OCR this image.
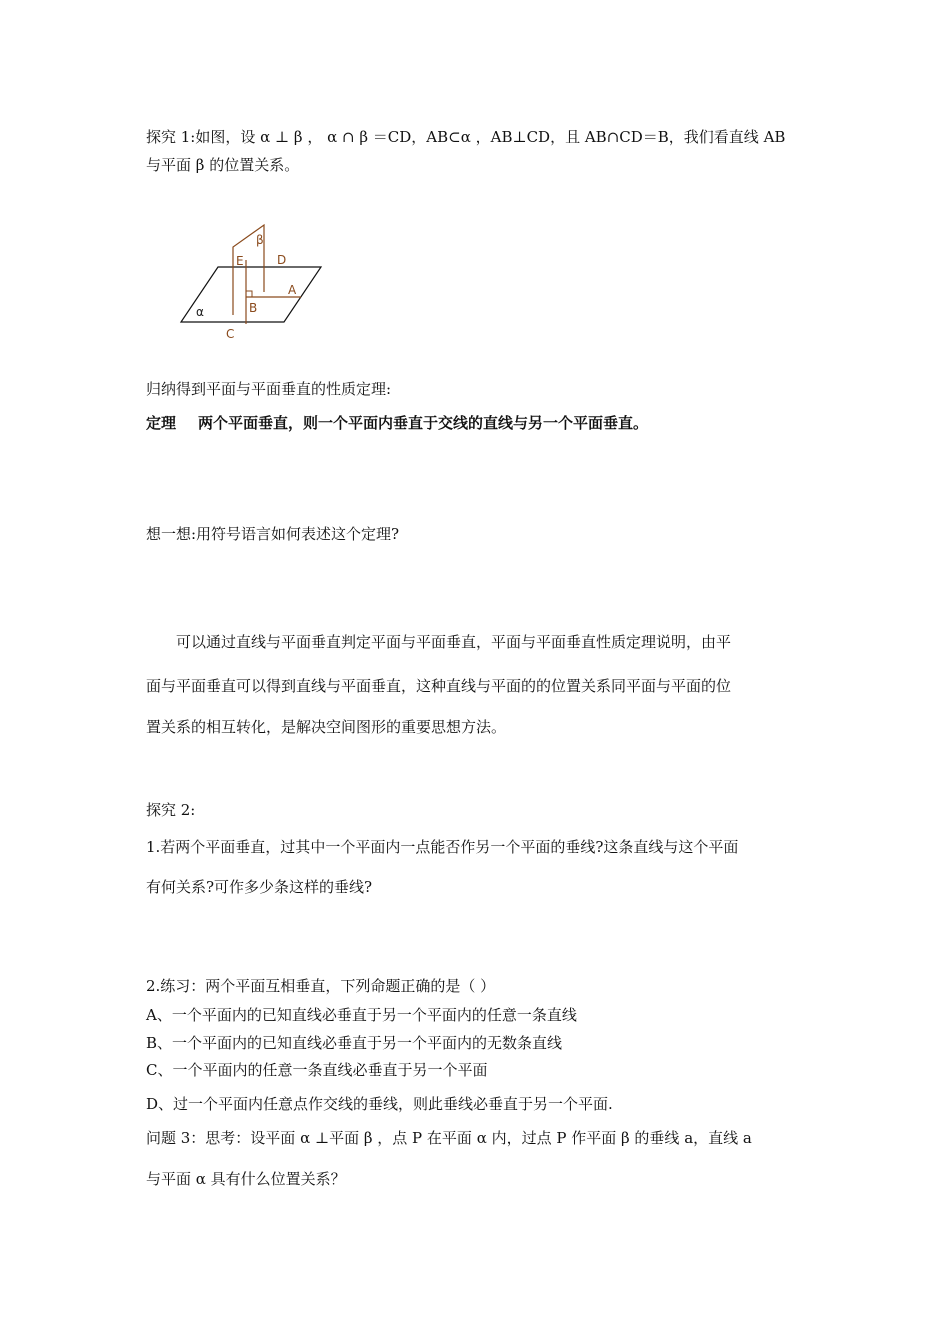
探究 1:如图，设 α ⊥ β ， α ∩ β ＝CD，AB⊂α ，AB⊥CD，且 AB∩CD＝B，我们看直线 AB
与平面 β 的位置关系。
β
E	D
A
B
α
C
归纳得到平面与平面垂直的性质定理:
定理 两个平面垂直，则一个平面内垂直于交线的直线与另一个平面垂直。
想一想:用符号语言如何表述这个定理?
可以通过直线与平面垂直判定平面与平面垂直，平面与平面垂直性质定理说明，由平
面与平面垂直可以得到直线与平面垂直，这种直线与平面的的位置关系同平面与平面的位
置关系的相互转化，是解决空间图形的重要思想方法。
探究 2:
1.若两个平面垂直，过其中一个平面内一点能否作另一个平面的垂线?这条直线与这个平面
有何关系?可作多少条这样的垂线?
2.练习：两个平面互相垂直，下列命题正确的是（ ）
A、一个平面内的已知直线必垂直于另一个平面内的任意一条直线
B、一个平面内的已知直线必垂直于另一个平面内的无数条直线
C、一个平面内的任意一条直线必垂直于另一个平面
D、过一个平面内任意点作交线的垂线，则此垂线必垂直于另一个平面.
问题 3：思考：设平面 α ⊥平面 β ，点 P 在平面 α 内，过点 P 作平面 β 的垂线 a，直线 a
与平面 α 具有什么位置关系？
